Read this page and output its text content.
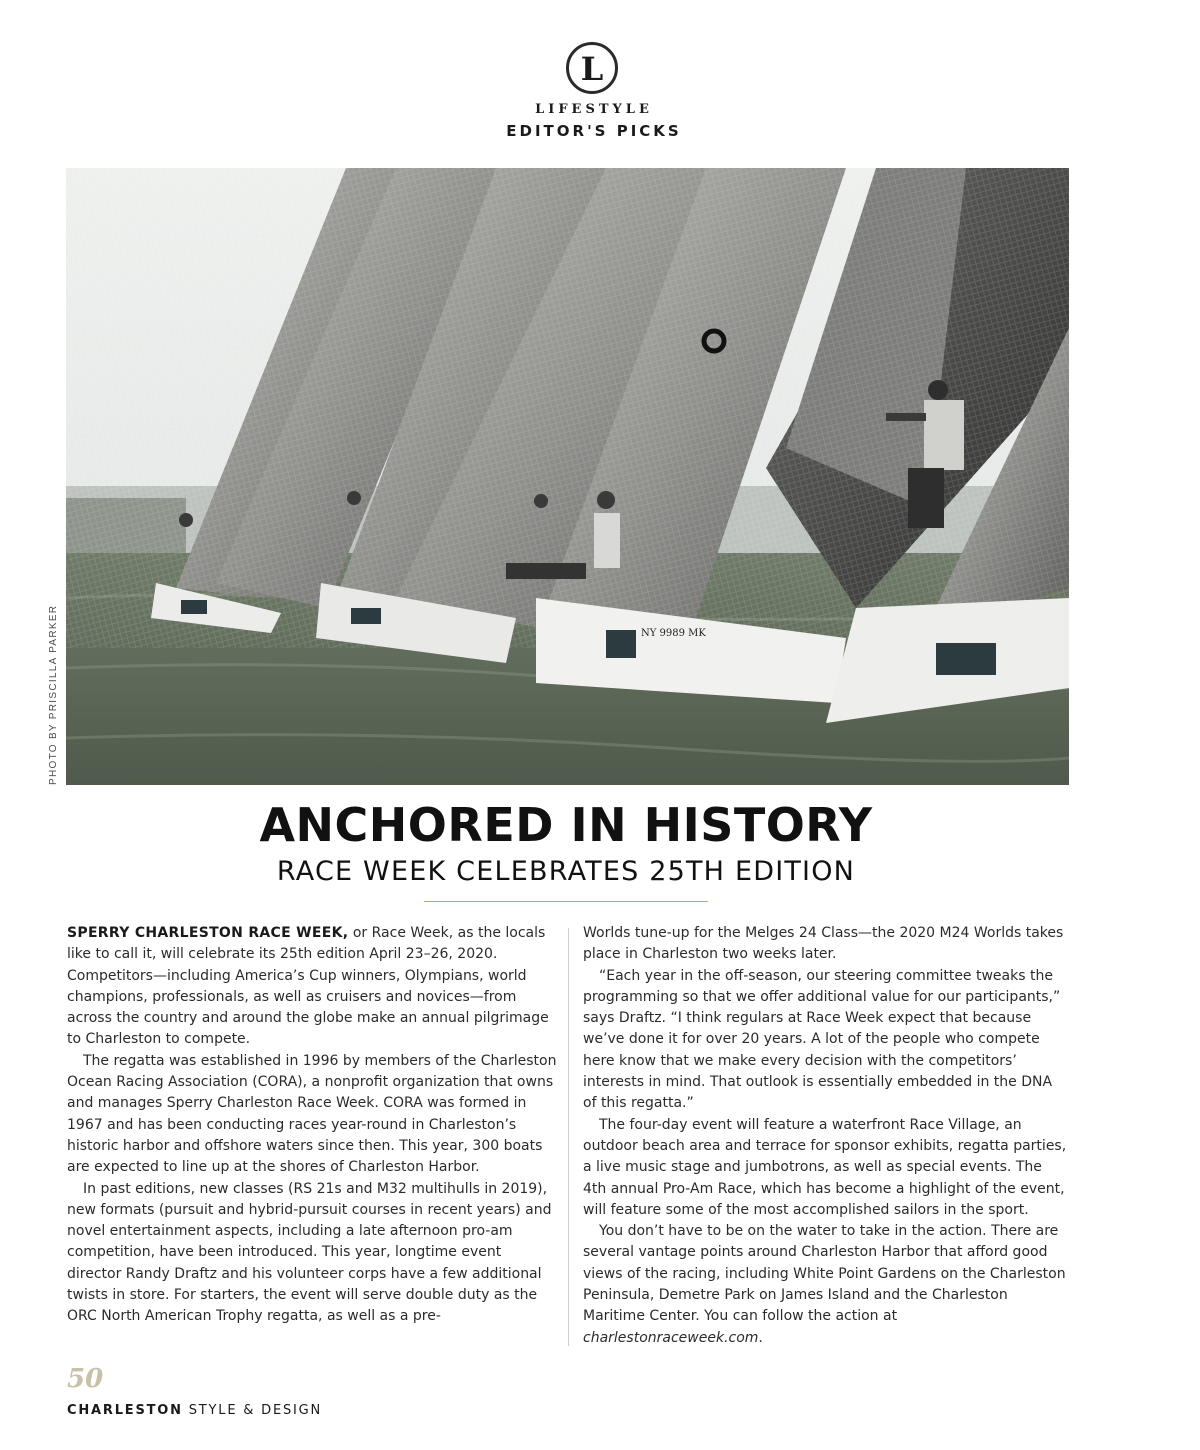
L
LIFESTYLE
EDITOR'S PICKS
NY 9989 MK
PHOTO BY PRISCILLA PARKER
ANCHORED IN HISTORY
RACE WEEK CELEBRATES 25TH EDITION

SPERRY CHARLESTON RACE WEEK, or Race Week, as the locals like to call it, will celebrate its 25th edition April 23–26, 2020. Competitors—including America’s Cup winners, Olympians, world champions, professionals, as well as cruisers and novices—from across the country and around the globe make an annual pilgrimage to Charleston to compete.

The regatta was established in 1996 by members of the Charleston Ocean Racing Association (CORA), a nonprofit organization that owns and manages Sperry Charleston Race Week. CORA was formed in 1967 and has been conducting races year-round in Charleston’s historic harbor and offshore waters since then. This year, 300 boats are expected to line up at the shores of Charleston Harbor.

In past editions, new classes (RS 21s and M32 multihulls in 2019), new formats (pursuit and hybrid-pursuit courses in recent years) and novel entertainment aspects, including a late afternoon pro-am competition, have been introduced. This year, longtime event director Randy Draftz and his volunteer corps have a few additional twists in store. For starters, the event will serve double duty as the ORC North American Trophy regatta, as well as a pre-

Worlds tune-up for the Melges 24 Class—the 2020 M24 Worlds takes place in Charleston two weeks later.

“Each year in the off-season, our steering committee tweaks the programming so that we offer additional value for our participants,” says Draftz. “I think regulars at Race Week expect that because we’ve done it for over 20 years. A lot of the people who compete here know that we make every decision with the competitors’ interests in mind. That outlook is essentially embedded in the DNA of this regatta.”

The four-day event will feature a waterfront Race Village, an outdoor beach area and terrace for sponsor exhibits, regatta parties, a live music stage and jumbotrons, as well as special events. The 4th annual Pro-Am Race, which has become a highlight of the event, will feature some of the most accomplished sailors in the sport.

You don’t have to be on the water to take in the action. There are several vantage points around Charleston Harbor that afford good views of the racing, including White Point Gardens on the Charleston Peninsula, Demetre Park on James Island and the Charleston Maritime Center. You can follow the action at charlestonraceweek.com.

50
CHARLESTON STYLE & DESIGN
